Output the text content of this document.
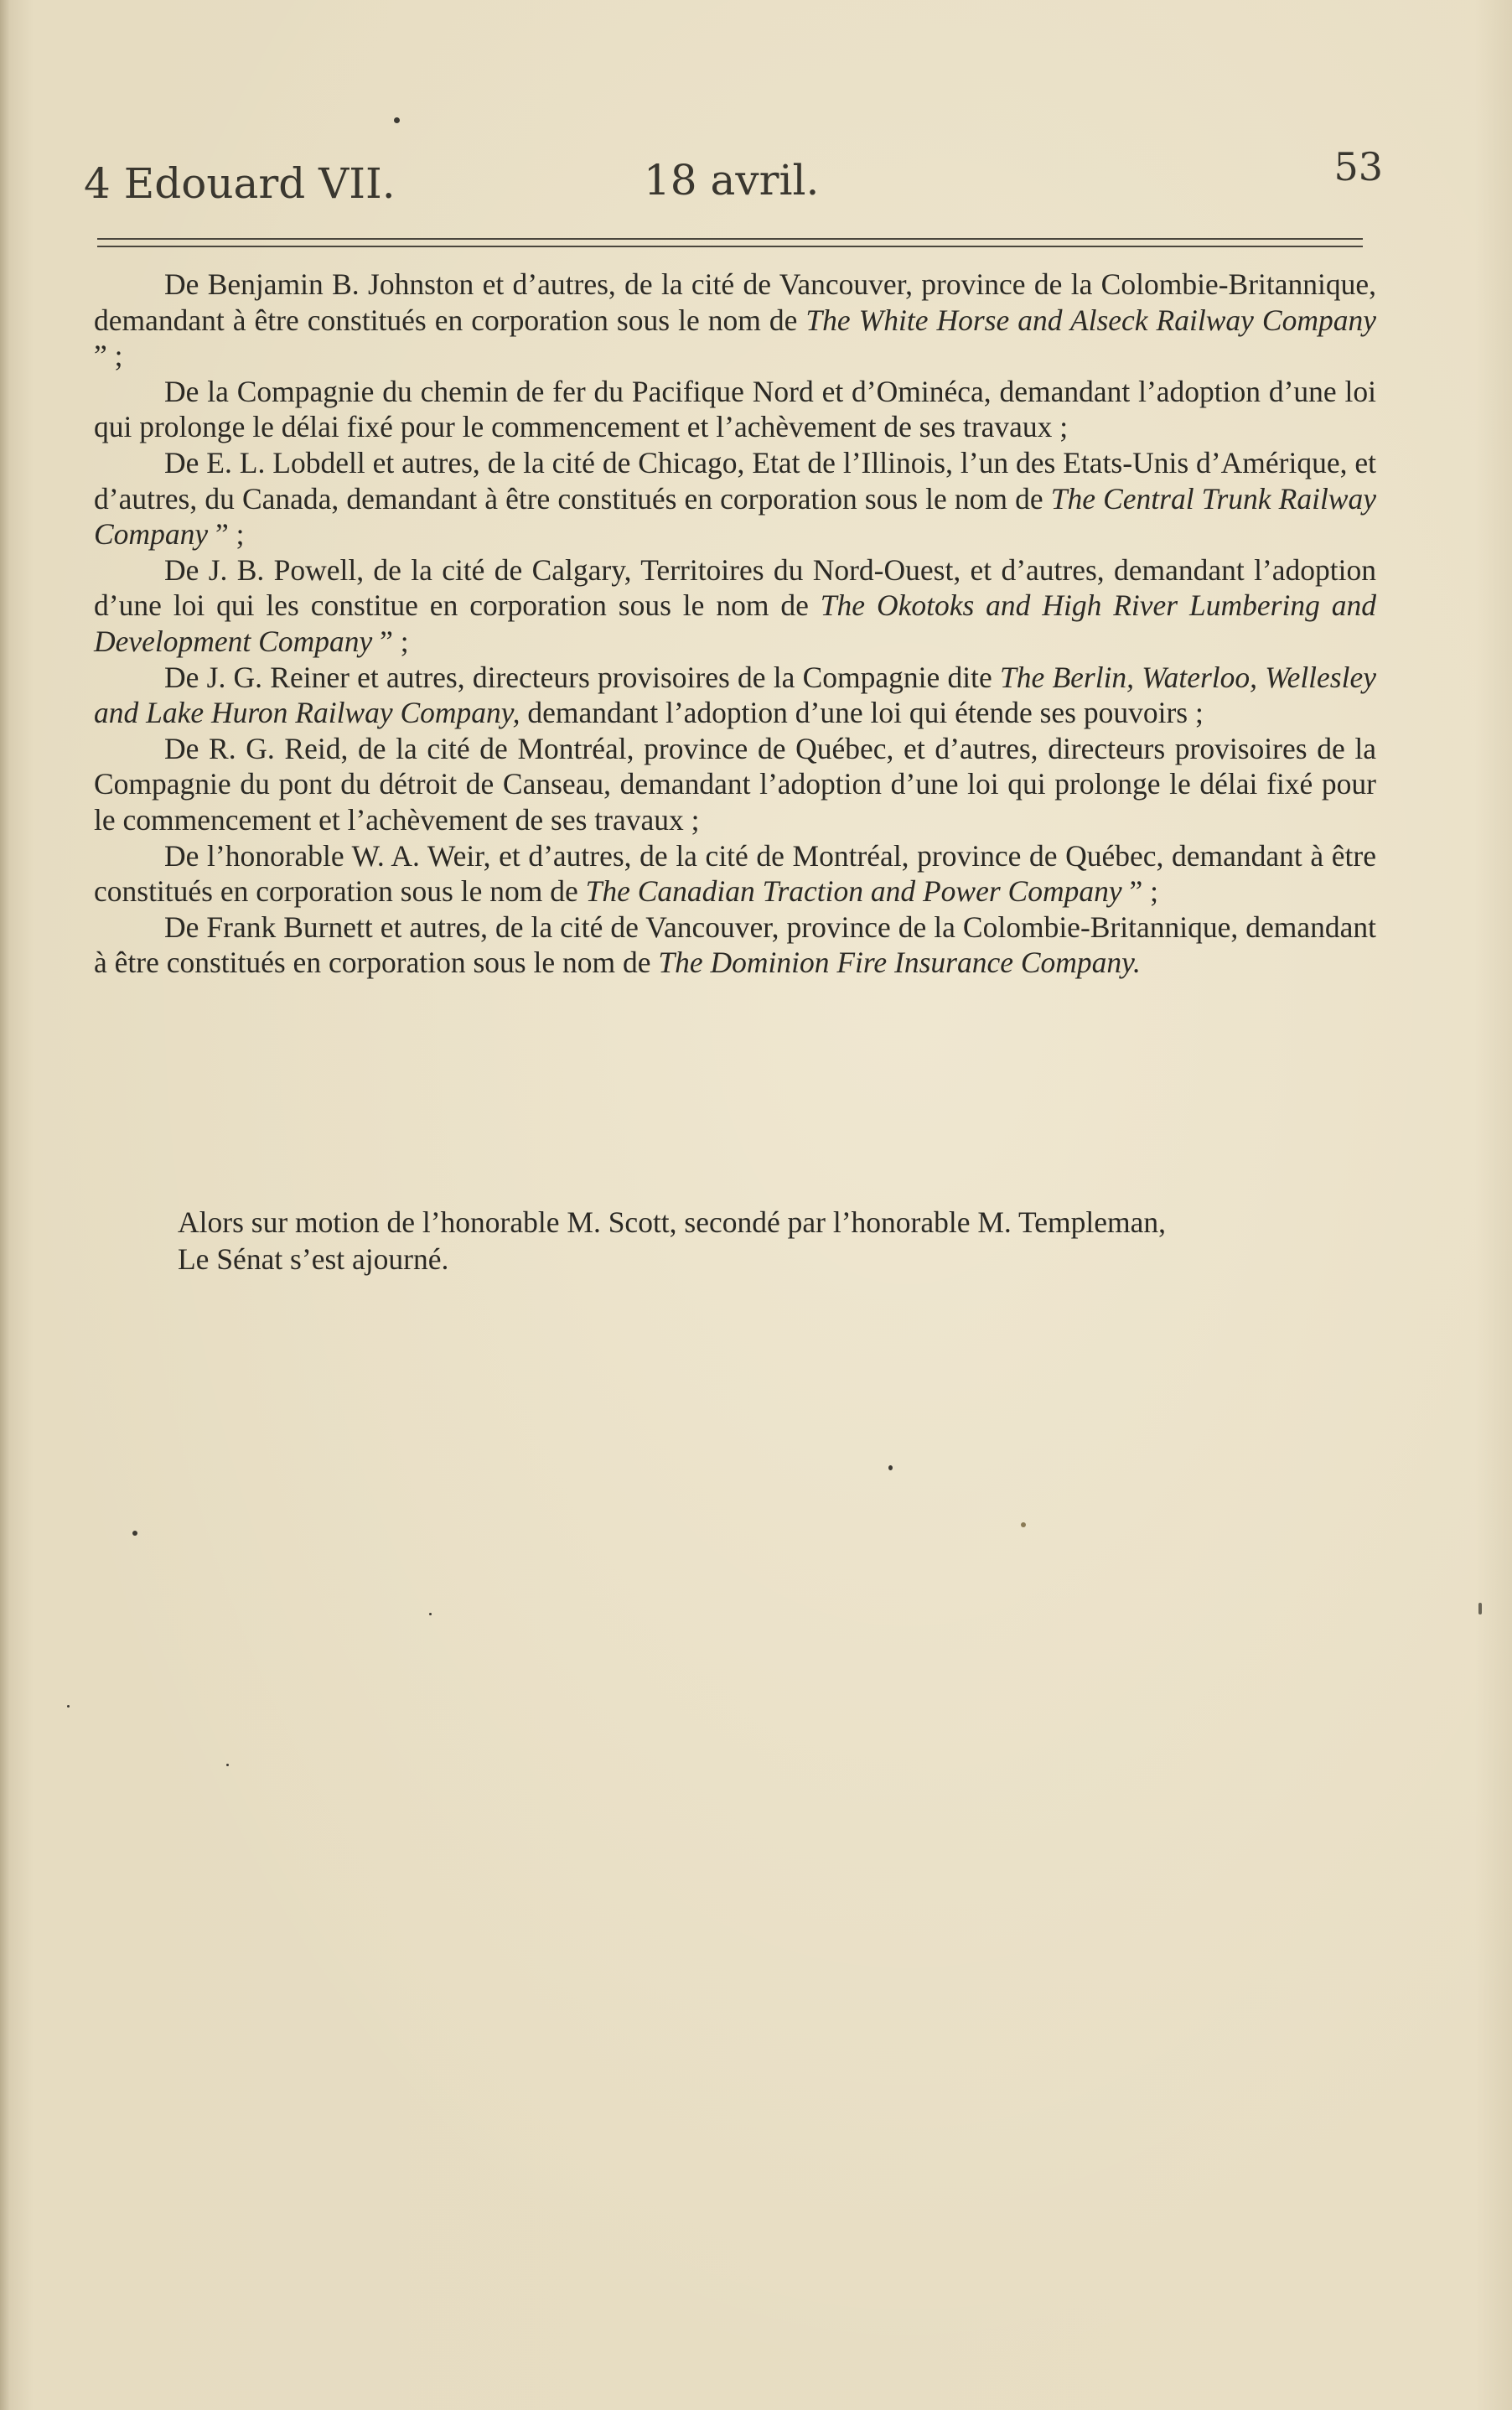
4 Edouard VII.	18 avril.	53

De Benjamin B. Johnston et d’autres, de la cité de Vancouver, province de la Colombie-Britannique, demandant à être constitués en corporation sous le nom de The White Horse and Alseck Railway Company ” ;

De la Compagnie du chemin de fer du Pacifique Nord et d’Ominéca, demandant l’adoption d’une loi qui prolonge le délai fixé pour le commencement et l’achèvement de ses travaux ;

De E. L. Lobdell et autres, de la cité de Chicago, Etat de l’Illinois, l’un des Etats-Unis d’Amérique, et d’autres, du Canada, demandant à être constitués en corporation sous le nom de The Central Trunk Railway Company ” ;

De J. B. Powell, de la cité de Calgary, Territoires du Nord-Ouest, et d’autres, demandant l’adoption d’une loi qui les constitue en corporation sous le nom de The Okotoks and High River Lumbering and Development Company ” ;

De J. G. Reiner et autres, directeurs provisoires de la Compagnie dite The Berlin, Waterloo, Wellesley and Lake Huron Railway Company, demandant l’adoption d’une loi qui étende ses pouvoirs ;

De R. G. Reid, de la cité de Montréal, province de Québec, et d’autres, directeurs provisoires de la Compagnie du pont du détroit de Canseau, demandant l’adoption d’une loi qui prolonge le délai fixé pour le commencement et l’achèvement de ses travaux ;

De l’honorable W. A. Weir, et d’autres, de la cité de Montréal, province de Québec, demandant à être constitués en corporation sous le nom de The Canadian Traction and Power Company ” ;

De Frank Burnett et autres, de la cité de Vancouver, province de la Colombie-Britannique, demandant à être constitués en corporation sous le nom de The Dominion Fire Insurance Company.

Alors sur motion de l’honorable M. Scott, secondé par l’honorable M. Templeman,

Le Sénat s’est ajourné.
